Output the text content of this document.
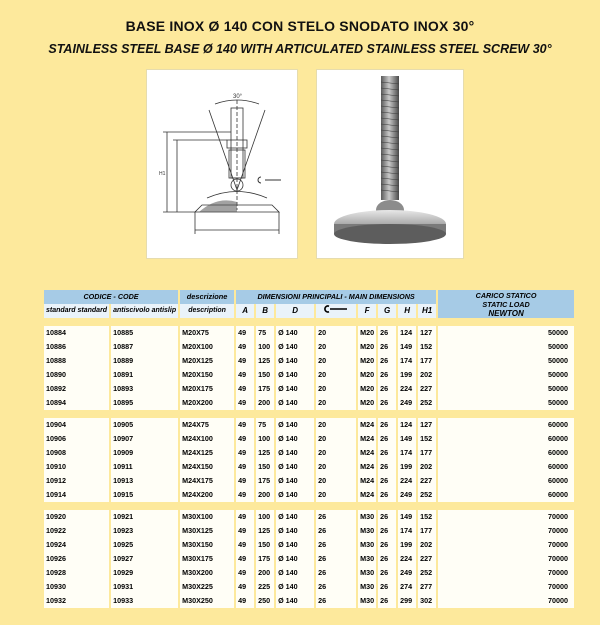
BASE INOX Ø 140 CON STELO SNODATO INOX 30°
STAINLESS STEEL BASE Ø 140 WITH ARTICULATED STAINLESS STEEL SCREW 30°
30°
H1
CODICE - CODE		descrizione	DIMENSIONI PRINCIPALI - MAIN DIMENSIONS								CARICO STATICO
STATIC LOAD
NEWTON

standard standard	antiscivolo antislip	description	A	B	D		F	G	H	H1	

10884	10885	M20X75	49	75	Ø 140	20	M20	26	124	127	50000
10886	10887	M20X100	49	100	Ø 140	20	M20	26	149	152	50000
10888	10889	M20X125	49	125	Ø 140	20	M20	26	174	177	50000
10890	10891	M20X150	49	150	Ø 140	20	M20	26	199	202	50000
10892	10893	M20X175	49	175	Ø 140	20	M20	26	224	227	50000
10894	10895	M20X200	49	200	Ø 140	20	M20	26	249	252	50000

10904	10905	M24X75	49	75	Ø 140	20	M24	26	124	127	60000
10906	10907	M24X100	49	100	Ø 140	20	M24	26	149	152	60000
10908	10909	M24X125	49	125	Ø 140	20	M24	26	174	177	60000
10910	10911	M24X150	49	150	Ø 140	20	M24	26	199	202	60000
10912	10913	M24X175	49	175	Ø 140	20	M24	26	224	227	60000
10914	10915	M24X200	49	200	Ø 140	20	M24	26	249	252	60000

10920	10921	M30X100	49	100	Ø 140	26	M30	26	149	152	70000
10922	10923	M30X125	49	125	Ø 140	26	M30	26	174	177	70000
10924	10925	M30X150	49	150	Ø 140	26	M30	26	199	202	70000
10926	10927	M30X175	49	175	Ø 140	26	M30	26	224	227	70000
10928	10929	M30X200	49	200	Ø 140	26	M30	26	249	252	70000
10930	10931	M30X225	49	225	Ø 140	26	M30	26	274	277	70000
10932	10933	M30X250	49	250	Ø 140	26	M30	26	299	302	70000
